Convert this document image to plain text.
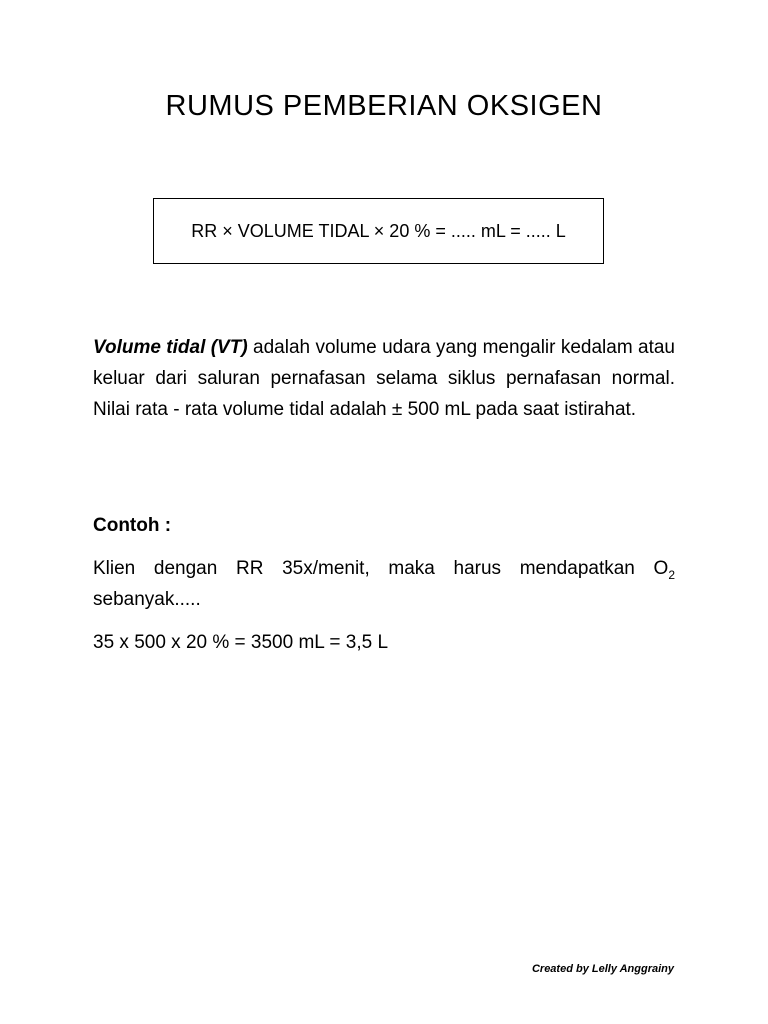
RUMUS PEMBERIAN OKSIGEN
RR × VOLUME TIDAL × 20 % = ..... mL = ..... L

Volume tidal (VT) adalah volume udara yang mengalir kedalam atau keluar dari saluran pernafasan selama siklus pernafasan normal. Nilai rata - rata volume tidal adalah ± 500 mL pada saat istirahat.

Contoh :

Klien dengan RR 35x/menit, maka harus mendapatkan $O_2$ sebanyak.....

35 x 500 x 20 % = 3500 mL = 3,5 L

Created by Lelly Anggrainy
